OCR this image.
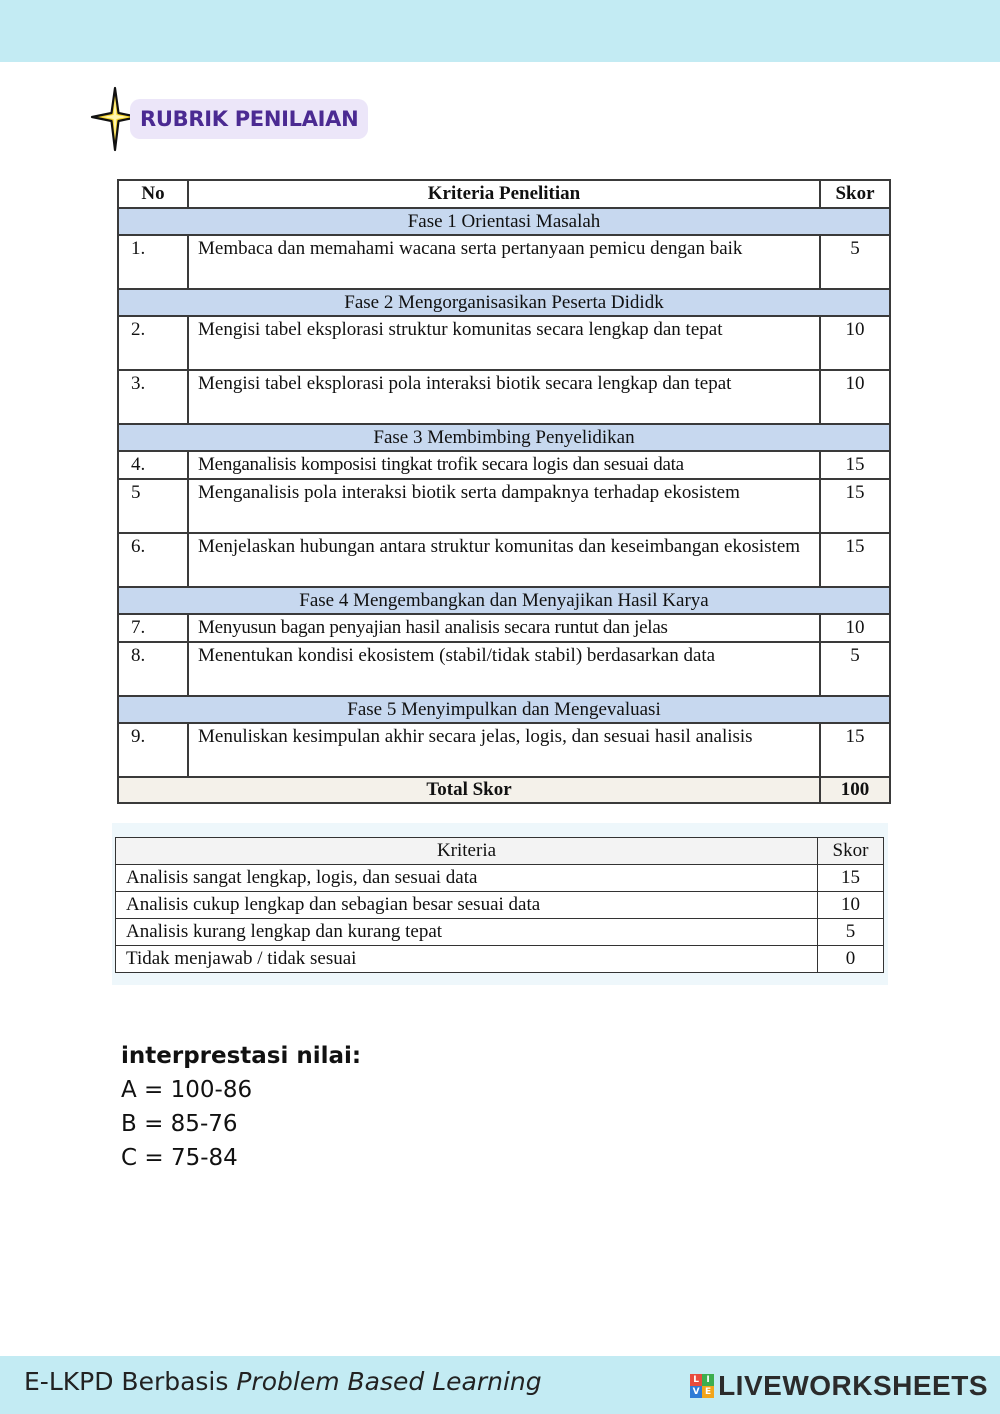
RUBRIK PENILAIAN
No	Kriteria Penelitian	Skor
Fase 1 Orientasi Masalah		
1.	Membaca dan memahami wacana serta pertanyaan pemicu dengan baik	5
Fase 2 Mengorganisasikan Peserta Dididk		
2.	Mengisi tabel eksplorasi struktur komunitas secara lengkap dan tepat	10
3.	Mengisi tabel eksplorasi pola interaksi biotik secara lengkap dan tepat	10
Fase 3 Membimbing Penyelidikan		
4.	Menganalisis komposisi tingkat trofik secara logis dan sesuai data	15
5	Menganalisis pola interaksi biotik serta dampaknya terhadap ekosistem	15
6.	Menjelaskan hubungan antara struktur komunitas dan keseimbangan ekosistem	15
Fase 4 Mengembangkan dan Menyajikan Hasil Karya		
7.	Menyusun bagan penyajian hasil analisis secara runtut dan jelas	10
8.	Menentukan kondisi ekosistem (stabil/tidak stabil) berdasarkan data	5
Fase 5 Menyimpulkan dan Mengevaluasi		
9.	Menuliskan kesimpulan akhir secara jelas, logis, dan sesuai hasil analisis	15
Total Skor		100
Kriteria	Skor
Analisis sangat lengkap, logis, dan sesuai data	15
Analisis cukup lengkap dan sebagian besar sesuai data	10
Analisis kurang lengkap dan kurang tepat	5
Tidak menjawab / tidak sesuai	0
interprestasi nilai:
A = 100-86
B = 85-76
C = 75-84
E-LKPD Berbasis Problem Based Learning	L I
V E LIVEWORKSHEETS
